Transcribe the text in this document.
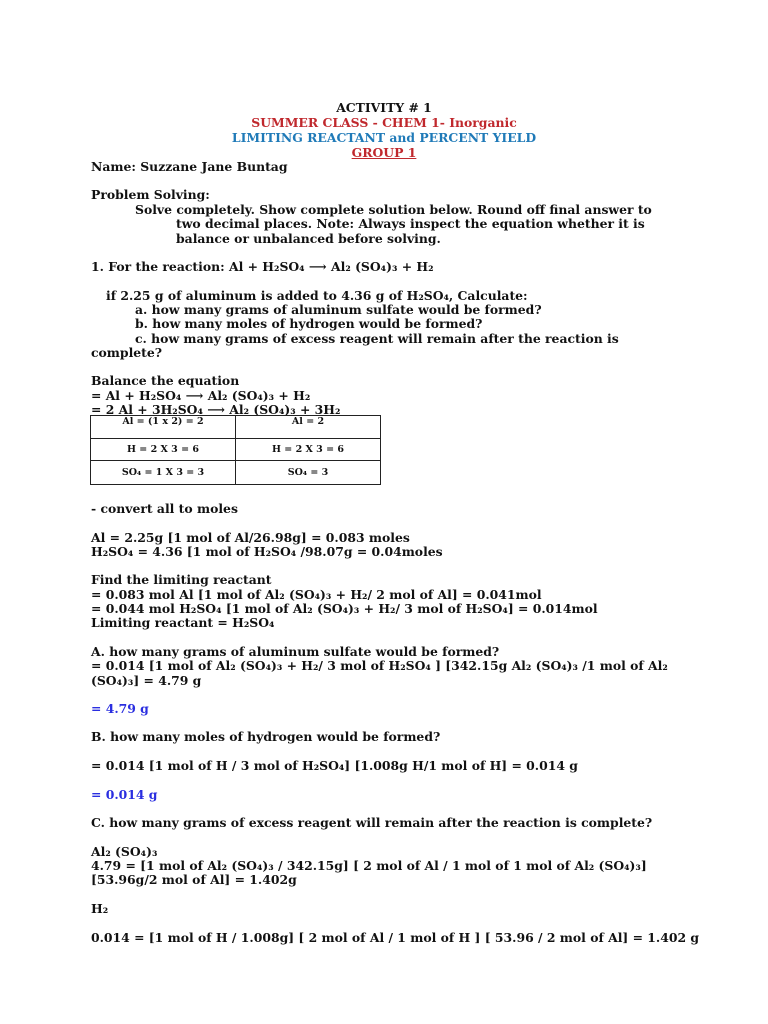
ACTIVITY # 1
SUMMER CLASS - CHEM 1- Inorganic
LIMITING REACTANT and PERCENT YIELD
GROUP 1
Name: Suzzane Jane Buntag
Problem Solving:
Solve completely. Show complete solution below. Round off final answer to
two decimal places. Note: Always inspect the equation whether it is
balance or unbalanced before solving.
1. For the reaction: Al + H₂SO₄ ⟶ Al₂ (SO₄)₃ + H₂
if 2.25 g of aluminum is added to 4.36 g of H₂SO₄, Calculate:
a. how many grams of aluminum sulfate would be formed?
b. how many moles of hydrogen would be formed?
c. how many grams of excess reagent will remain after the reaction is
complete?
Balance the equation
= Al + H₂SO₄ ⟶ Al₂ (SO₄)₃ + H₂
= 2 Al + 3H₂SO₄ ⟶ Al₂ (SO₄)₃ + 3H₂
Al = (1 x 2) = 2	Al = 2
H = 2 X 3 = 6	H = 2 X 3 = 6
SO₄ = 1 X 3 = 3	SO₄ = 3
- convert all to moles
Al = 2.25g [1 mol of Al/26.98g] = 0.083 moles
H₂SO₄ = 4.36 [1 mol of H₂SO₄ /98.07g = 0.04moles
Find the limiting reactant
= 0.083 mol Al [1 mol of Al₂ (SO₄)₃ + H₂/ 2 mol of Al] = 0.041mol
= 0.044 mol H₂SO₄ [1 mol of Al₂ (SO₄)₃ + H₂/ 3 mol of H₂SO₄] = 0.014mol
Limiting reactant = H₂SO₄
A. how many grams of aluminum sulfate would be formed?
= 0.014 [1 mol of Al₂ (SO₄)₃ + H₂/ 3 mol of H₂SO₄ ] [342.15g Al₂ (SO₄)₃ /1 mol of Al₂
(SO₄)₃] = 4.79 g
= 4.79 g
B. how many moles of hydrogen would be formed?
= 0.014 [1 mol of H / 3 mol of H₂SO₄] [1.008g H/1 mol of H] = 0.014 g
= 0.014 g
C. how many grams of excess reagent will remain after the reaction is complete?
Al₂ (SO₄)₃
4.79 = [1 mol of Al₂ (SO₄)₃ / 342.15g] [ 2 mol of Al / 1 mol of 1 mol of Al₂ (SO₄)₃]
[53.96g/2 mol of Al] = 1.402g
H₂
0.014 = [1 mol of H / 1.008g] [ 2 mol of Al / 1 mol of H ] [ 53.96 / 2 mol of Al] = 1.402 g
